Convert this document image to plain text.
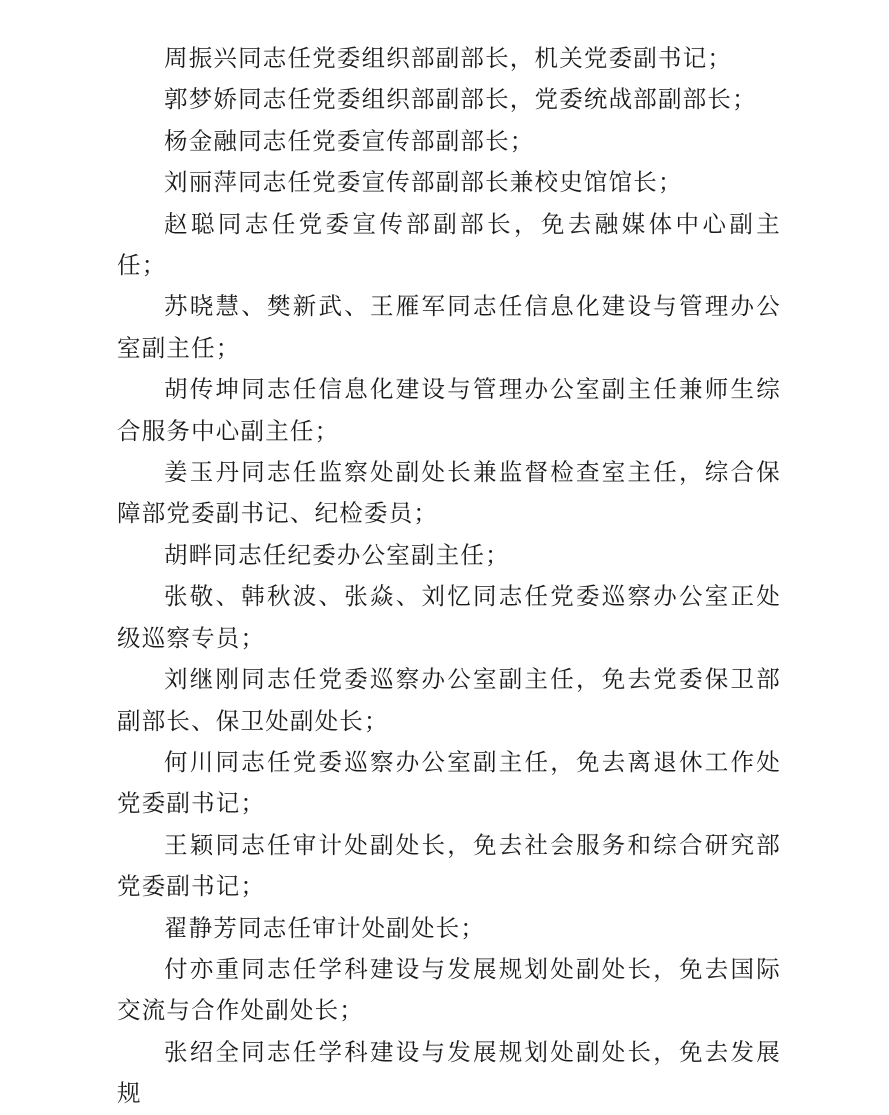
周振兴同志任党委组织部副部长，机关党委副书记；

郭梦娇同志任党委组织部副部长，党委统战部副部长；

杨金融同志任党委宣传部副部长；

刘丽萍同志任党委宣传部副部长兼校史馆馆长；

赵聪同志任党委宣传部副部长，免去融媒体中心副主任；

苏晓慧、樊新武、王雁军同志任信息化建设与管理办公室副主任；

胡传坤同志任信息化建设与管理办公室副主任兼师生综合服务中心副主任；

姜玉丹同志任监察处副处长兼监督检查室主任，综合保障部党委副书记、纪检委员；

胡畔同志任纪委办公室副主任；

张敬、韩秋波、张焱、刘忆同志任党委巡察办公室正处级巡察专员；

刘继刚同志任党委巡察办公室副主任，免去党委保卫部副部长、保卫处副处长；

何川同志任党委巡察办公室副主任，免去离退休工作处党委副书记；

王颖同志任审计处副处长，免去社会服务和综合研究部党委副书记；

翟静芳同志任审计处副处长；

付亦重同志任学科建设与发展规划处副处长，免去国际交流与合作处副处长；

张绍全同志任学科建设与发展规划处副处长，免去发展规
